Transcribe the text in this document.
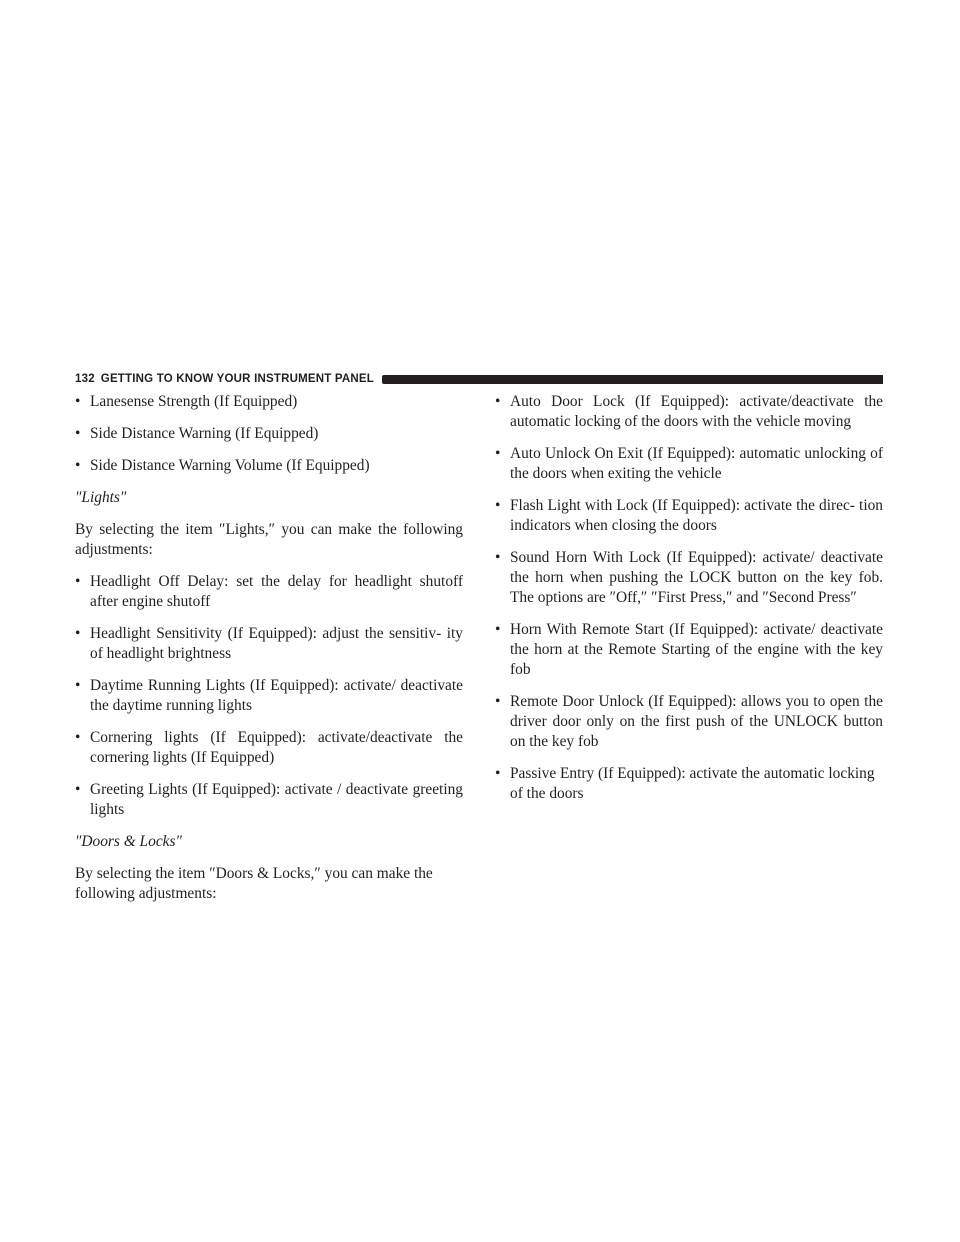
132 GETTING TO KNOW YOUR INSTRUMENT PANEL
• Lanesense Strength (If Equipped)
• Side Distance Warning (If Equipped)
• Side Distance Warning Volume (If Equipped)
″Lights″
By selecting the item ″Lights,″ you can make the following adjustments:
• Headlight Off Delay: set the delay for headlight shutoff after engine shutoff
• Headlight Sensitivity (If Equipped): adjust the sensitiv- ity of headlight brightness
• Daytime Running Lights (If Equipped): activate/ deactivate the daytime running lights
• Cornering lights (If Equipped): activate/deactivate the cornering lights (If Equipped)
• Greeting Lights (If Equipped): activate / deactivate greeting lights
″Doors & Locks″
By selecting the item ″Doors & Locks,″ you can make the following adjustments:
• Auto Door Lock (If Equipped): activate/deactivate the automatic locking of the doors with the vehicle moving
• Auto Unlock On Exit (If Equipped): automatic unlocking of the doors when exiting the vehicle
• Flash Light with Lock (If Equipped): activate the direc- tion indicators when closing the doors
• Sound Horn With Lock (If Equipped): activate/ deactivate the horn when pushing the LOCK button on the key fob. The options are ″Off,″ ″First Press,″ and ″Second Press″
• Horn With Remote Start (If Equipped): activate/ deactivate the horn at the Remote Starting of the engine with the key fob
• Remote Door Unlock (If Equipped): allows you to open the driver door only on the first push of the UNLOCK button on the key fob
• Passive Entry (If Equipped): activate the automatic locking of the doors
